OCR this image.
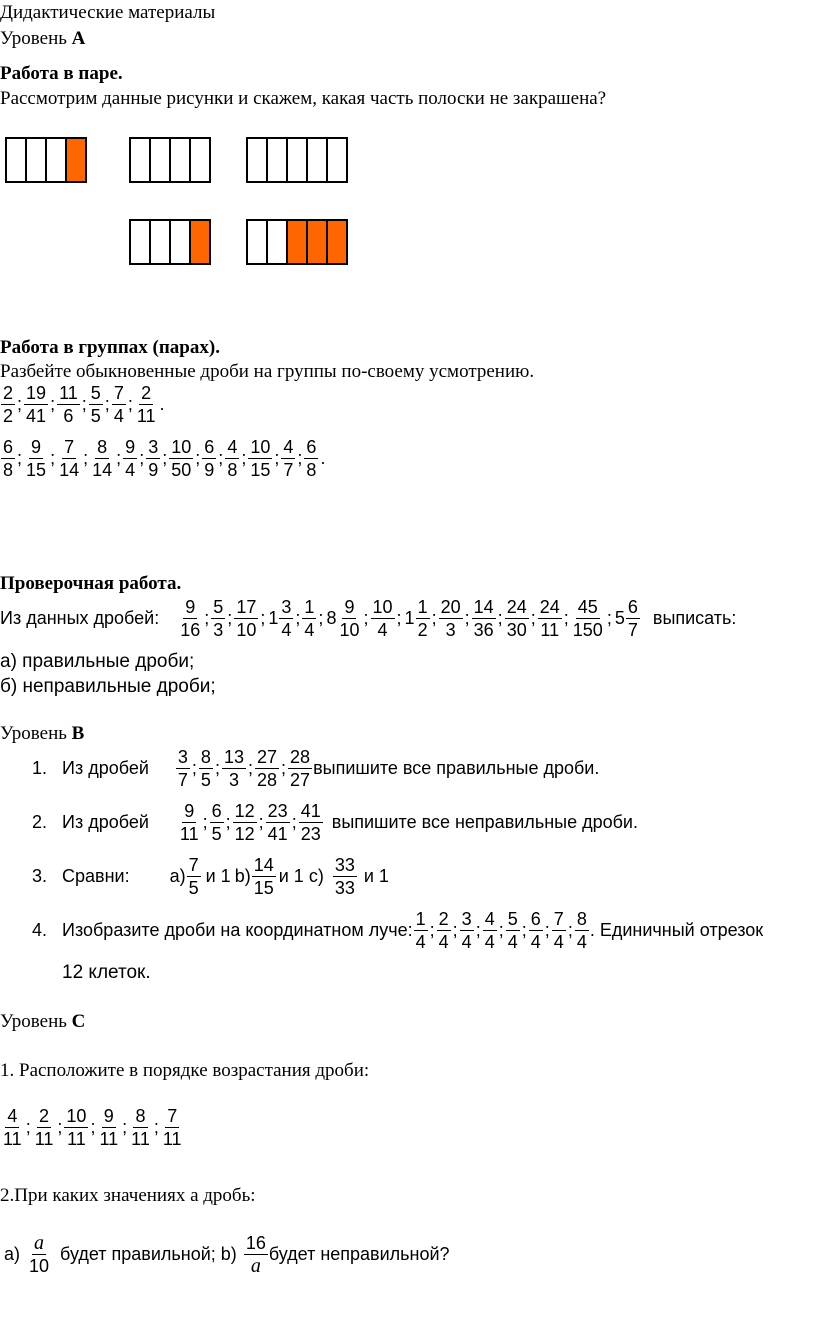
Дидактические материалы
Уровень А
Работа в паре.
Рассмотрим данные рисунки и скажем, какая часть полоски не закрашена?
Работа в группах (парах).
Разбейте обыкновенные дроби на группы по-своему усмотрению.
$\frac{2}{2}$ ; $\frac{19}{41}$ ; $\frac{11}{6}$ ; $\frac{5}{5}$ ; $\frac{7}{4}$ ; $\frac{2}{11}$ .
$\frac{6}{8}$ ; $\frac{9}{15}$ ; $\frac{7}{14}$ ; $\frac{8}{14}$ ; $\frac{9}{4}$ ; $\frac{3}{9}$ ; $\frac{10}{50}$ ; $\frac{6}{9}$ ; $\frac{4}{8}$ ; $\frac{10}{15}$ ; $\frac{4}{7}$ ; $\frac{6}{8}$ .
Проверочная работа.
Из данных дробей: $\frac{9}{16}$ ; $\frac{5}{3}$ ; $\frac{17}{10}$ ; $1 \frac{3}{4}$ ; $\frac{1}{4}$ ; $8 \frac{9}{10}$ ; $\frac{10}{4}$ ; $1 \frac{1}{2}$ ; $\frac{20}{3}$ ; $\frac{14}{36}$ ; $\frac{24}{30}$ ; $\frac{24}{11}$ ; $\frac{45}{150}$ ; $5 \frac{6}{7}$ выписать:
а) правильные дроби;
б) неправильные дроби;
Уровень В
1. Из дробей $\frac{3}{7}$ ; $\frac{8}{5}$ ; $\frac{13}{3}$ ; $\frac{27}{28}$ ; $\frac{28}{27}$ выпишите все правильные дроби.
2. Из дробей $\frac{9}{11}$ ; $\frac{6}{5}$ ; $\frac{12}{12}$ ; $\frac{23}{41}$ ; $\frac{41}{23}$ выпишите все неправильные дроби.
3. Сравни: $а) \frac{7}{5}$ и 1 $b) \frac{14}{15}$ и 1 $с) \frac{33}{33}$ и 1
4. Изобразите дроби на координатном луче: $\frac{1}{4}$ ; $\frac{2}{4}$ ; $\frac{3}{4}$ ; $\frac{4}{4}$ ; $\frac{5}{4}$ ; $\frac{6}{4}$ ; $\frac{7}{4}$ ; $\frac{8}{4}$ . Единичный отрезок
12 клеток.
Уровень С
1. Расположите в порядке возрастания дроби:
$\frac{4}{11}$ ; $\frac{2}{11}$ ; $\frac{10}{11}$ ; $\frac{9}{11}$ ; $\frac{8}{11}$ ; $\frac{7}{11}$
2.При каких значениях а дробь:
$а) \frac{a}{10}$ будет правильной; $b) \frac{16}{a}$ будет неправильной?
